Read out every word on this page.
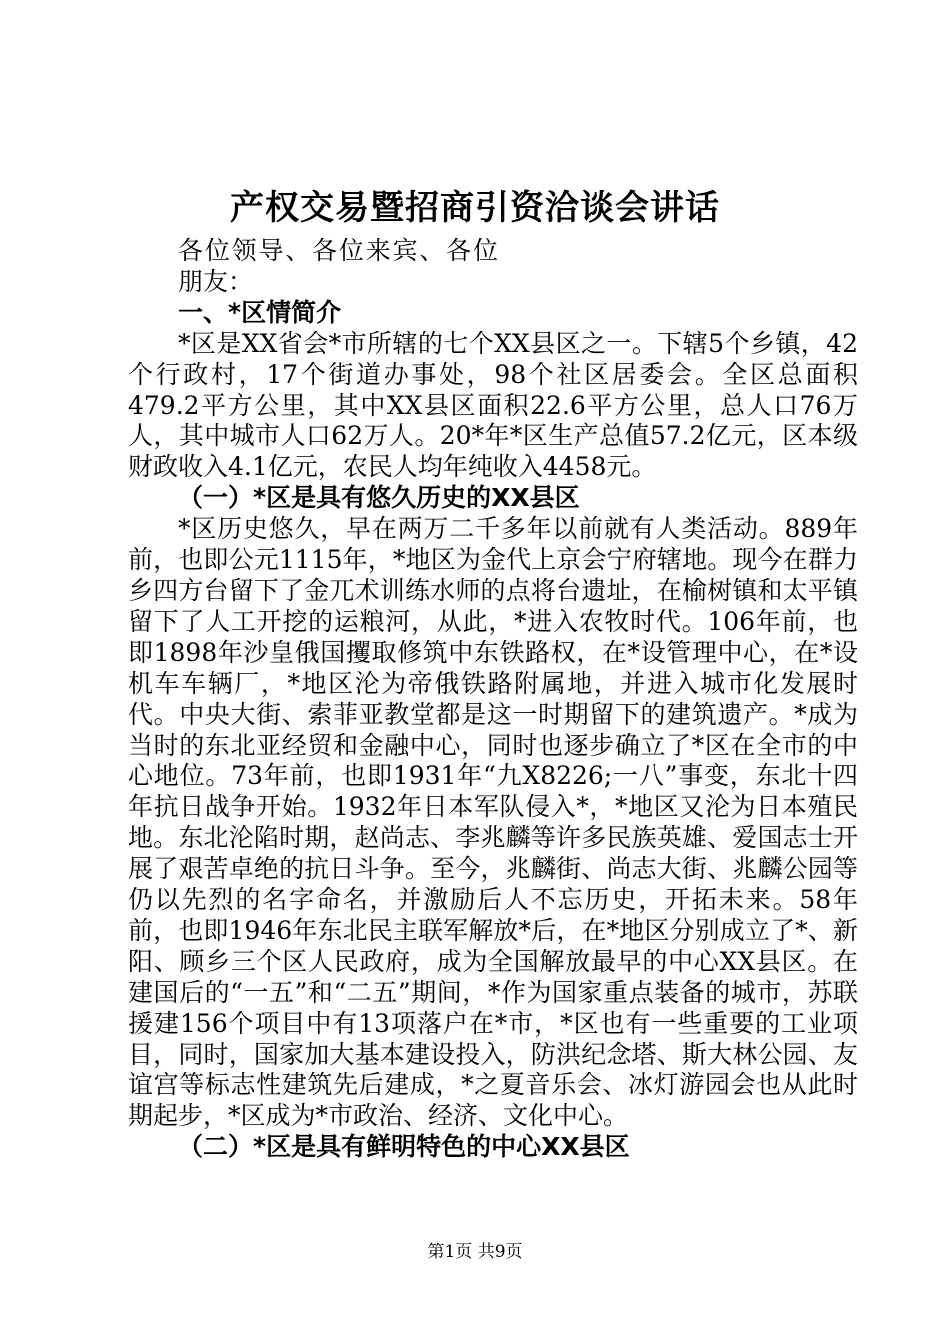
产权交易暨招商引资洽谈会讲话

各位领导、各位来宾、各位朋友：

一、*区情简介

*区是XX省会*市所辖的七个XX县区之一。下辖5个乡镇，42个行政村，17个街道办事处，98个社区居委会。全区总面积479.2平方公里，其中XX县区面积22.6平方公里，总人口76万人，其中城市人口62万人。20*年*区生产总值57.2亿元，区本级财政收入4.1亿元，农民人均年纯收入4458元。

（一）*区是具有悠久历史的XX县区

*区历史悠久，早在两万二千多年以前就有人类活动。889年前，也即公元1115年，*地区为金代上京会宁府辖地。现今在群力乡四方台留下了金兀术训练水师的点将台遗址，在榆树镇和太平镇留下了人工开挖的运粮河，从此，*进入农牧时代。106年前，也即1898年沙皇俄国攫取修筑中东铁路权，在*设管理中心，在*设机车车辆厂，*地区沦为帝俄铁路附属地，并进入城市化发展时代。中央大街、索菲亚教堂都是这一时期留下的建筑遗产。*成为当时的东北亚经贸和金融中心，同时也逐步确立了*区在全市的中心地位。73年前，也即1931年“九X8226;一八”事变，东北十四年抗日战争开始。1932年日本军队侵入*，*地区又沦为日本殖民地。东北沦陷时期，赵尚志、李兆麟等许多民族英雄、爱国志士开展了艰苦卓绝的抗日斗争。至今，兆麟街、尚志大街、兆麟公园等仍以先烈的名字命名，并激励后人不忘历史，开拓未来。58年前，也即1946年东北民主联军解放*后，在*地区分别成立了*、新阳、顾乡三个区人民政府，成为全国解放最早的中心XX县区。在建国后的“一五”和“二五”期间，*作为国家重点装备的城市，苏联援建156个项目中有13项落户在*市，*区也有一些重要的工业项目，同时，国家加大基本建设投入，防洪纪念塔、斯大林公园、友谊宫等标志性建筑先后建成，*之夏音乐会、冰灯游园会也从此时期起步，*区成为*市政治、经济、文化中心。

（二）*区是具有鲜明特色的中心XX县区

第1页 共9页
